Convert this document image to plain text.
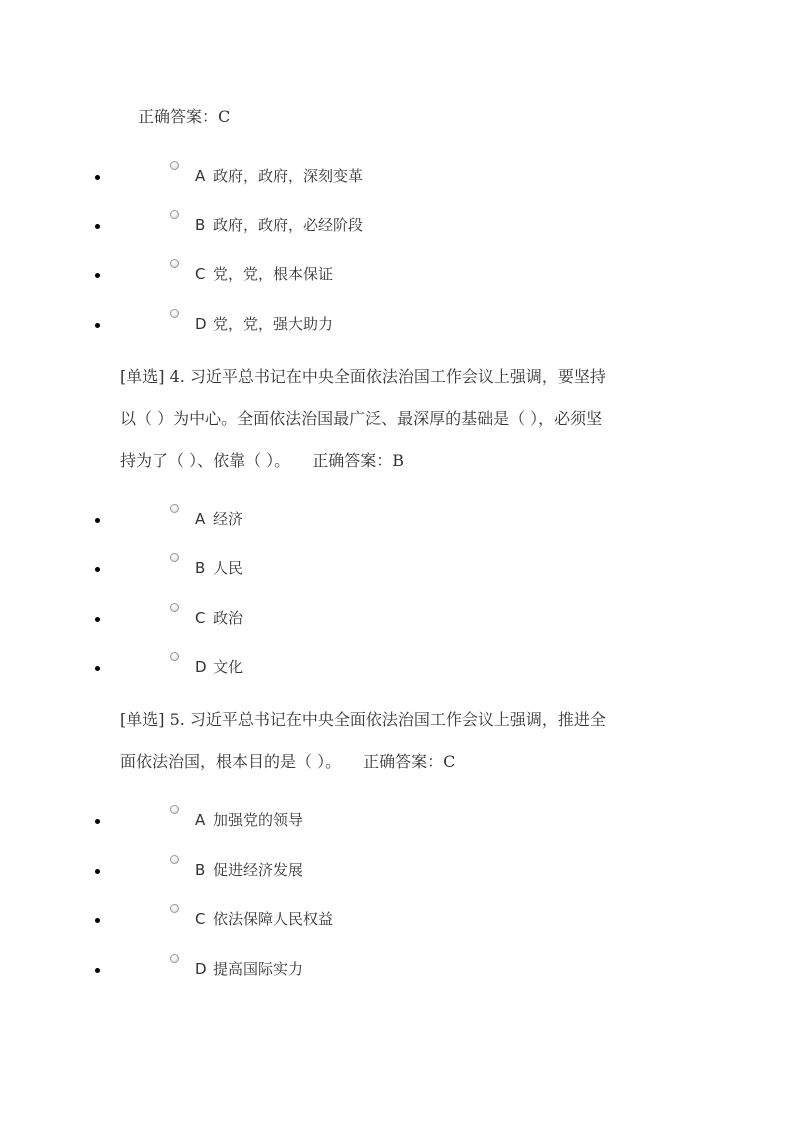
正确答案：C
A 政府，政府，深刻变革
B 政府，政府，必经阶段
C 党，党，根本保证
D 党，党，强大助力
[单选] 4. 习近平总书记在中央全面依法治国工作会议上强调，要坚持
以（ ）为中心。全面依法治国最广泛、最深厚的基础是（ ），必须坚
持为了（ ）、依靠（ ）。 正确答案：B
A 经济
B 人民
C 政治
D 文化
[单选] 5. 习近平总书记在中央全面依法治国工作会议上强调，推进全
面依法治国，根本目的是（ ）。 正确答案：C
A 加强党的领导
B 促进经济发展
C 依法保障人民权益
D 提高国际实力
